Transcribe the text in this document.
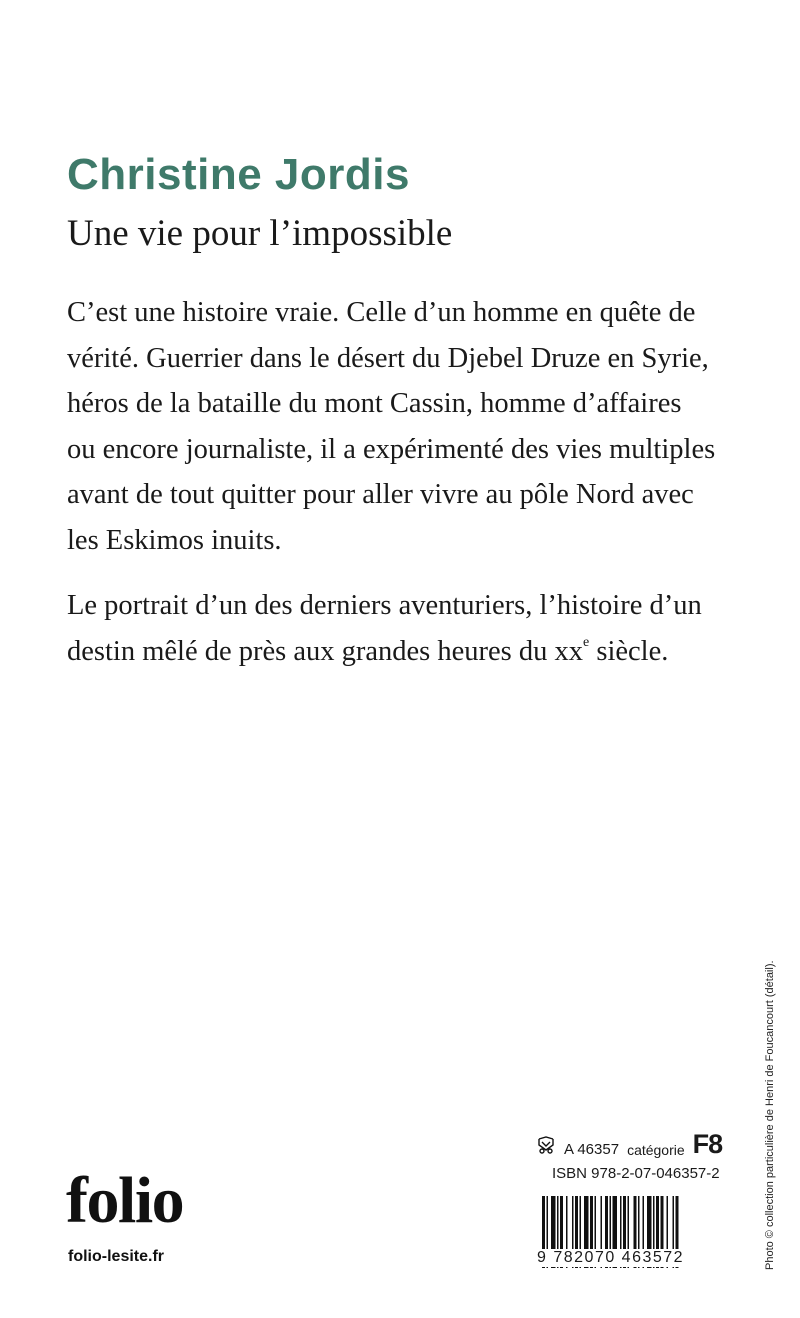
Christine Jordis
Une vie pour l’impossible

C’est une histoire vraie. Celle d’un homme en quête de
vérité. Guerrier dans le désert du Djebel Druze en Syrie,
héros de la bataille du mont Cassin, homme d’affaires
ou encore journaliste, il a expérimenté des vies multiples
avant de tout quitter pour aller vivre au pôle Nord avec
les Eskimos inuits.

Le portrait d’un des derniers aventuriers, l’histoire d’un
destin mêlé de près aux grandes heures du $xx^e$ siècle.

A 46357 catégorie F8
ISBN 978-2-07-046357-2
9 782070 463572
folio
folio-lesite.fr	Photo © collection particulière de Henri de Foucancourt (détail).
